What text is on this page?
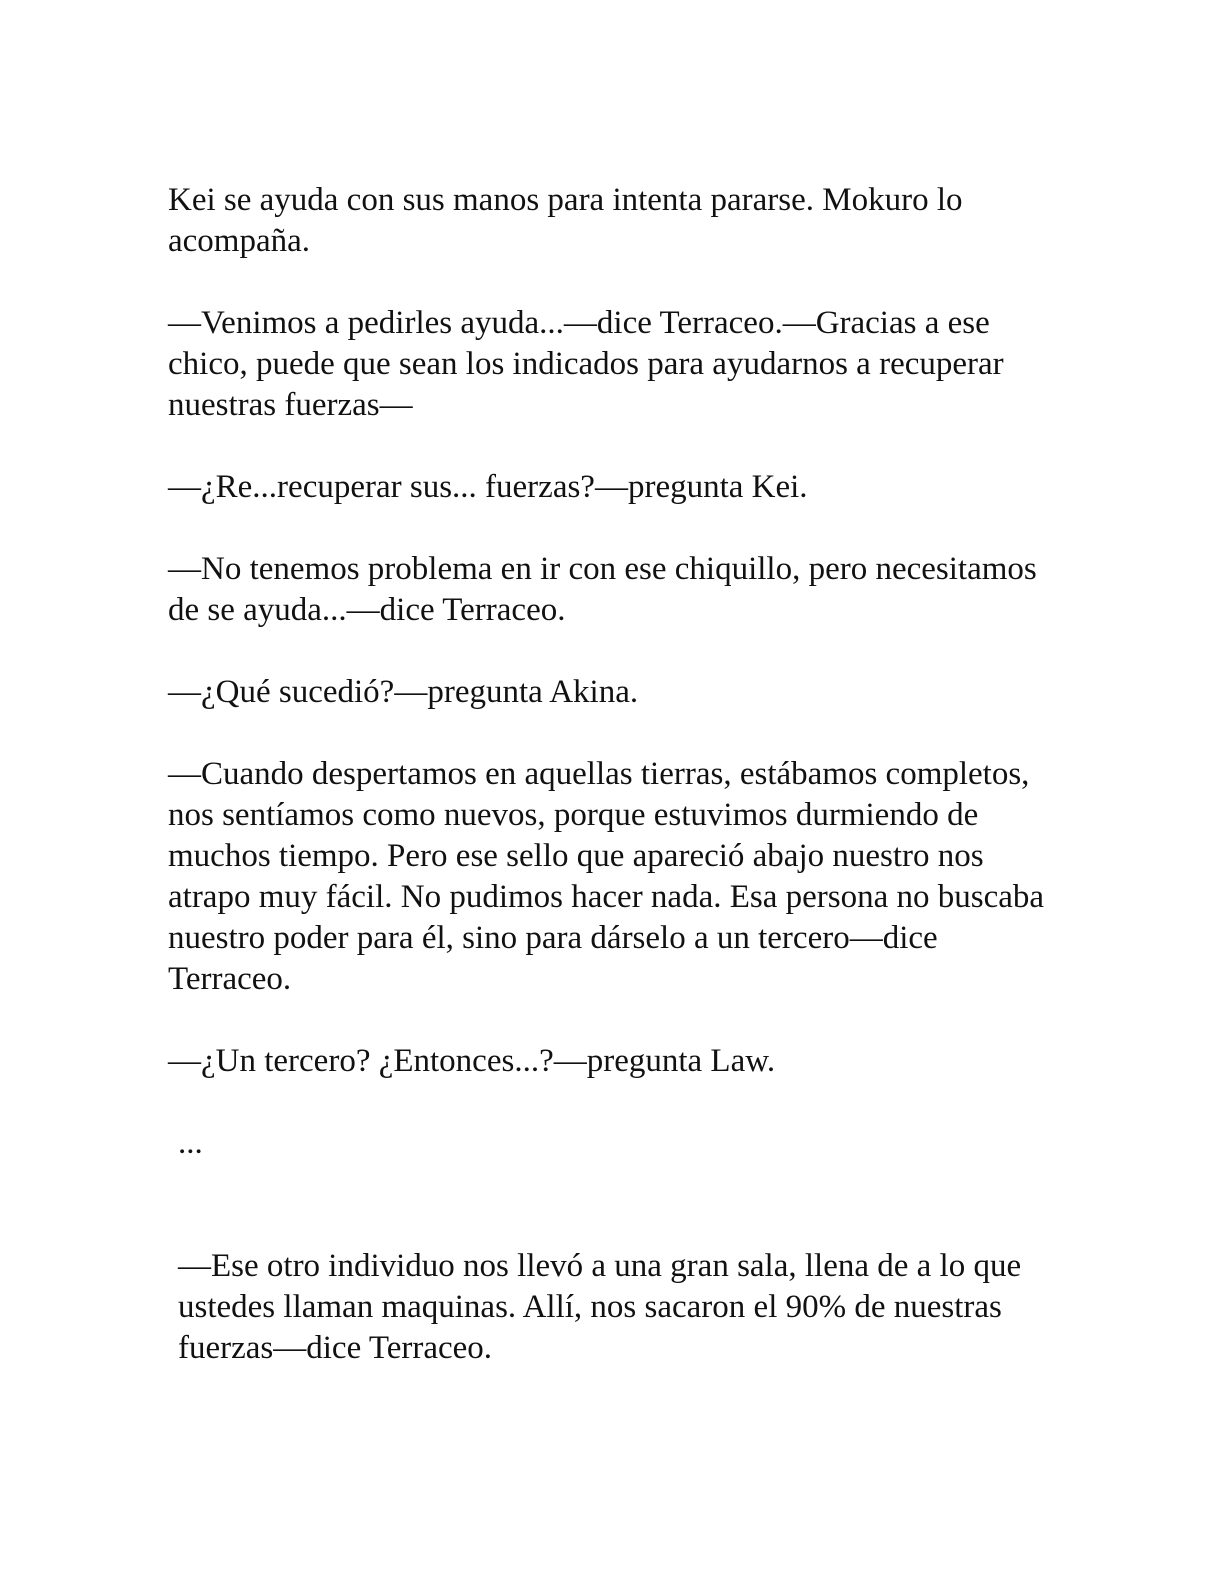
Kei se ayuda con sus manos para intenta pararse. Mokuro lo acompaña.

—Venimos a pedirles ayuda...—dice Terraceo.—Gracias a ese chico, puede que sean los indicados para ayudarnos a recuperar nuestras fuerzas—

—¿Re...recuperar sus... fuerzas?—pregunta Kei.

—No tenemos problema en ir con ese chiquillo, pero necesitamos de se ayuda...—dice Terraceo.

—¿Qué sucedió?—pregunta Akina.

—Cuando despertamos en aquellas tierras, estábamos completos, nos sentíamos como nuevos, porque estuvimos durmiendo de muchos tiempo. Pero ese sello que apareció abajo nuestro nos atrapo muy fácil. No pudimos hacer nada. Esa persona no buscaba nuestro poder para él, sino para dárselo a un tercero—dice Terraceo.

—¿Un tercero? ¿Entonces...?—pregunta Law.

...

—Ese otro individuo nos llevó a una gran sala, llena de a lo que ustedes llaman maquinas. Allí, nos sacaron el 90% de nuestras fuerzas—dice Terraceo.
